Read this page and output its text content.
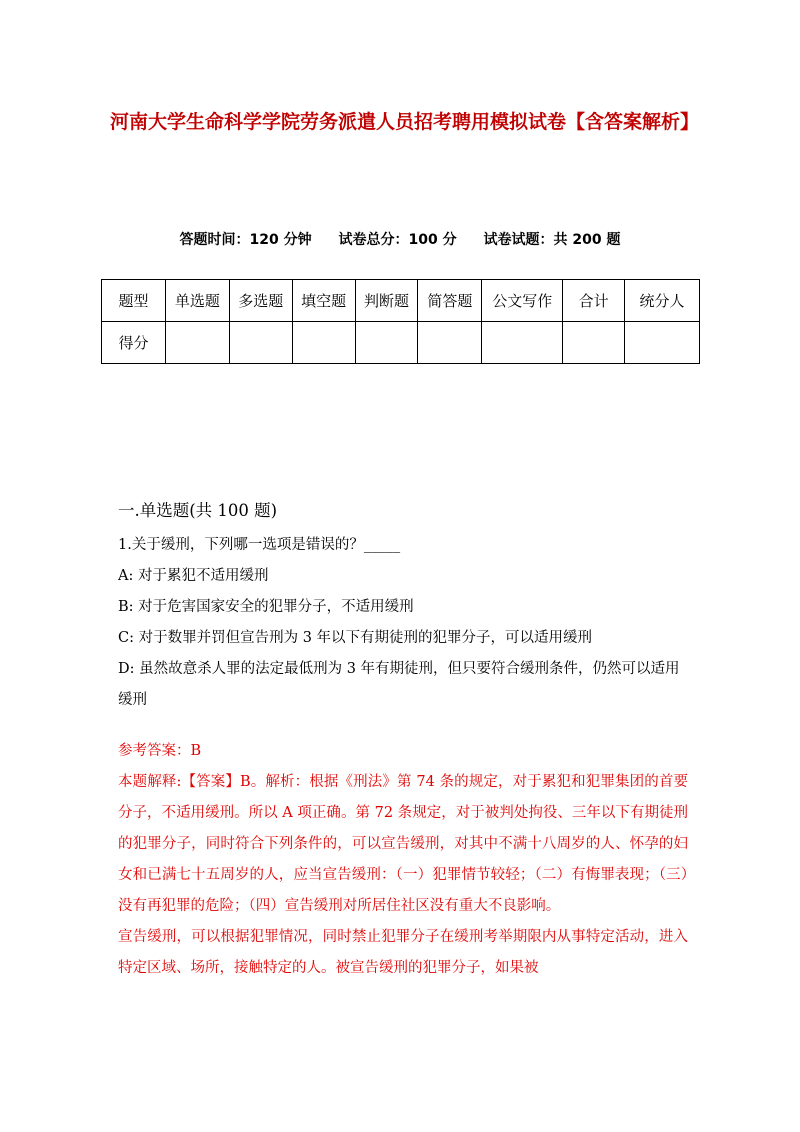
河南大学生命科学学院劳务派遣人员招考聘用模拟试卷【含答案解析】
答题时间：120 分钟 试卷总分：100 分 试卷试题：共 200 题
题型	单选题	多选题	填空题	判断题	简答题	公文写作	合计	统分人
得分								
一.单选题(共 100 题)

1.关于缓刑，下列哪一选项是错误的？_____

A: 对于累犯不适用缓刑

B: 对于危害国家安全的犯罪分子，不适用缓刑

C: 对于数罪并罚但宣告刑为 3 年以下有期徒刑的犯罪分子，可以适用缓刑

D: 虽然故意杀人罪的法定最低刑为 3 年有期徒刑，但只要符合缓刑条件，仍然可以适用缓刑

参考答案：B

本题解释:【答案】B。解析：根据《刑法》第 74 条的规定，对于累犯和犯罪集团的首要分子，不适用缓刑。所以 A 项正确。第 72 条规定，对于被判处拘役、三年以下有期徒刑的犯罪分子，同时符合下列条件的，可以宣告缓刑，对其中不满十八周岁的人、怀孕的妇女和已满七十五周岁的人，应当宣告缓刑：（一）犯罪情节较轻；（二）有悔罪表现；（三）没有再犯罪的危险；（四）宣告缓刑对所居住社区没有重大不良影响。

宣告缓刑，可以根据犯罪情况，同时禁止犯罪分子在缓刑考举期限内从事特定活动，进入特定区域、场所，接触特定的人。被宣告缓刑的犯罪分子，如果被
